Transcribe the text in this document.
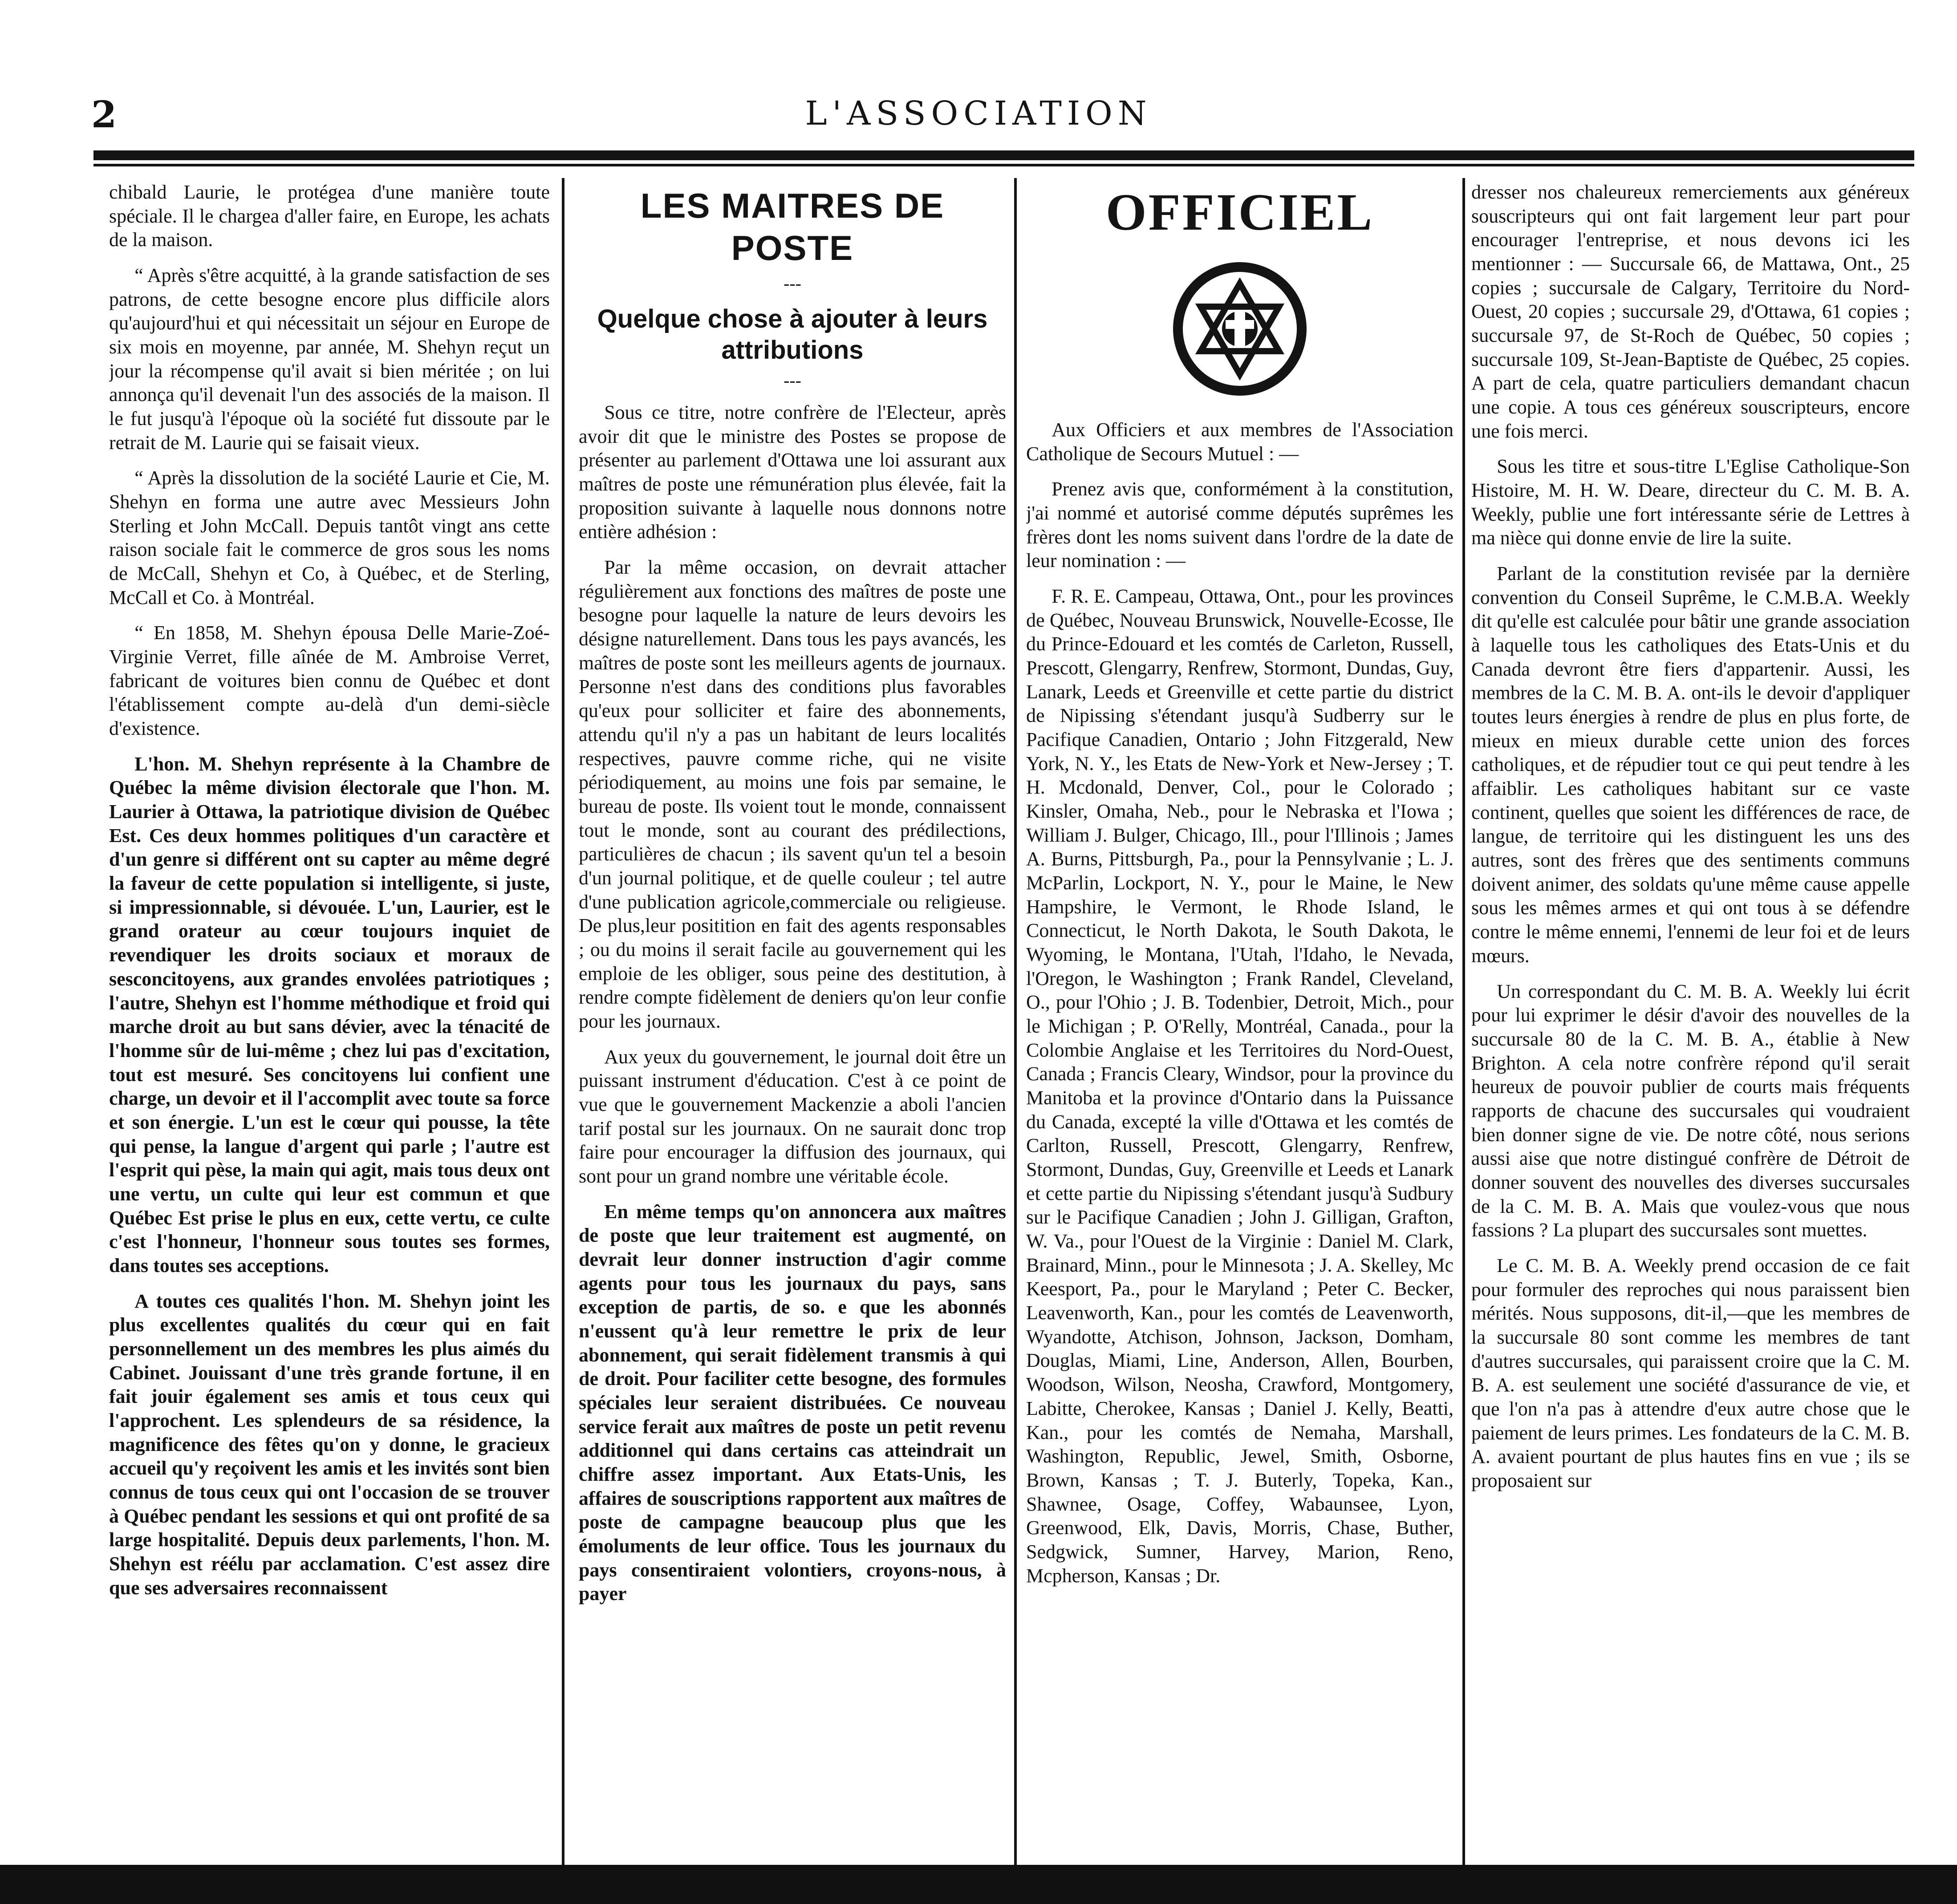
2	L'ASSOCIATION

chibald Laurie, le protégea d'une manière toute spéciale. Il le chargea d'aller faire, en Europe, les achats de la maison.

“ Après s'être acquitté, à la grande satisfaction de ses patrons, de cette besogne encore plus difficile alors qu'aujourd'hui et qui nécessitait un séjour en Europe de six mois en moyenne, par année, M. Shehyn reçut un jour la récompense qu'il avait si bien méritée ; on lui annonça qu'il devenait l'un des associés de la maison. Il le fut jusqu'à l'époque où la société fut dissoute par le retrait de M. Laurie qui se faisait vieux.

“ Après la dissolution de la société Laurie et Cie, M. Shehyn en forma une autre avec Messieurs John Sterling et John McCall. Depuis tantôt vingt ans cette raison sociale fait le commerce de gros sous les noms de McCall, Shehyn et Co, à Québec, et de Sterling, McCall et Co. à Montréal.

“ En 1858, M. Shehyn épousa Delle Marie-Zoé-Virginie Verret, fille aînée de M. Ambroise Verret, fabricant de voitures bien connu de Québec et dont l'établissement compte au-delà d'un demi-siècle d'existence.

L'hon. M. Shehyn représente à la Chambre de Québec la même division électorale que l'hon. M. Laurier à Ottawa, la patriotique division de Québec Est. Ces deux hommes politiques d'un caractère et d'un genre si différent ont su capter au même degré la faveur de cette population si intelligente, si juste, si impressionnable, si dévouée. L'un, Laurier, est le grand orateur au cœur toujours inquiet de revendiquer les droits sociaux et moraux de sesconcitoyens, aux grandes envolées patriotiques ; l'autre, Shehyn est l'homme méthodique et froid qui marche droit au but sans dévier, avec la ténacité de l'homme sûr de lui-même ; chez lui pas d'excitation, tout est mesuré. Ses concitoyens lui confient une charge, un devoir et il l'accomplit avec toute sa force et son énergie. L'un est le cœur qui pousse, la tête qui pense, la langue d'argent qui parle ; l'autre est l'esprit qui pèse, la main qui agit, mais tous deux ont une vertu, un culte qui leur est commun et que Québec Est prise le plus en eux, cette vertu, ce culte c'est l'honneur, l'honneur sous toutes ses formes, dans toutes ses acceptions.

A toutes ces qualités l'hon. M. Shehyn joint les plus excellentes qualités du cœur qui en fait personnellement un des membres les plus aimés du Cabinet. Jouissant d'une très grande fortune, il en fait jouir également ses amis et tous ceux qui l'approchent. Les splendeurs de sa résidence, la magnificence des fêtes qu'on y donne, le gracieux accueil qu'y reçoivent les amis et les invités sont bien connus de tous ceux qui ont l'occasion de se trouver à Québec pendant les sessions et qui ont profité de sa large hospitalité. Depuis deux parlements, l'hon. M. Shehyn est réélu par acclamation. C'est assez dire que ses adversaires reconnaissent

LES MAITRES DE POSTE
---
Quelque chose à ajouter à leurs attributions
---

Sous ce titre, notre confrère de l'Electeur, après avoir dit que le ministre des Postes se propose de présenter au parlement d'Ottawa une loi assurant aux maîtres de poste une rémunération plus élevée, fait la proposition suivante à laquelle nous donnons notre entière adhésion :

Par la même occasion, on devrait attacher régulièrement aux fonctions des maîtres de poste une besogne pour laquelle la nature de leurs devoirs les désigne naturellement. Dans tous les pays avancés, les maîtres de poste sont les meilleurs agents de journaux. Personne n'est dans des conditions plus favorables qu'eux pour solliciter et faire des abonnements, attendu qu'il n'y a pas un habitant de leurs localités respectives, pauvre comme riche, qui ne visite périodiquement, au moins une fois par semaine, le bureau de poste. Ils voient tout le monde, connaissent tout le monde, sont au courant des prédilections, particulières de chacun ; ils savent qu'un tel a besoin d'un journal politique, et de quelle couleur ; tel autre d'une publication agricole,commerciale ou religieuse. De plus,leur positition en fait des agents responsables ; ou du moins il serait facile au gouvernement qui les emploie de les obliger, sous peine des destitution, à rendre compte fidèlement de deniers qu'on leur confie pour les journaux.

Aux yeux du gouvernement, le journal doit être un puissant instrument d'éducation. C'est à ce point de vue que le gouvernement Mackenzie a aboli l'ancien tarif postal sur les journaux. On ne saurait donc trop faire pour encourager la diffusion des journaux, qui sont pour un grand nombre une véritable école.

En même temps qu'on annoncera aux maîtres de poste que leur traitement est augmenté, on devrait leur donner instruction d'agir comme agents pour tous les journaux du pays, sans exception de partis, de so. e que les abonnés n'eussent qu'à leur remettre le prix de leur abonnement, qui serait fidèlement transmis à qui de droit. Pour faciliter cette besogne, des formules spéciales leur seraient distribuées. Ce nouveau service ferait aux maîtres de poste un petit revenu additionnel qui dans certains cas atteindrait un chiffre assez important. Aux Etats-Unis, les affaires de souscriptions rapportent aux maîtres de poste de campagne beaucoup plus que les émoluments de leur office. Tous les journaux du pays consentiraient volontiers, croyons-nous, à payer

OFFICIEL

Aux Officiers et aux membres de l'Association Catholique de Secours Mutuel : —

Prenez avis que, conformément à la constitution, j'ai nommé et autorisé comme députés suprêmes les frères dont les noms suivent dans l'ordre de la date de leur nomination : —

F. R. E. Campeau, Ottawa, Ont., pour les provinces de Québec, Nouveau Brunswick, Nouvelle-Ecosse, Ile du Prince-Edouard et les comtés de Carleton, Russell, Prescott, Glengarry, Renfrew, Stormont, Dundas, Guy, Lanark, Leeds et Greenville et cette partie du district de Nipissing s'étendant jusqu'à Sudberry sur le Pacifique Canadien, Ontario ; John Fitzgerald, New York, N. Y., les Etats de New-York et New-Jersey ; T. H. Mcdonald, Denver, Col., pour le Colorado ; Kinsler, Omaha, Neb., pour le Nebraska et l'Iowa ; William J. Bulger, Chicago, Ill., pour l'Illinois ; James A. Burns, Pittsburgh, Pa., pour la Pennsylvanie ; L. J. McParlin, Lockport, N. Y., pour le Maine, le New Hampshire, le Vermont, le Rhode Island, le Connecticut, le North Dakota, le South Dakota, le Wyoming, le Montana, l'Utah, l'Idaho, le Nevada, l'Oregon, le Washington ; Frank Randel, Cleveland, O., pour l'Ohio ; J. B. Todenbier, Detroit, Mich., pour le Michigan ; P. O'Relly, Montréal, Canada., pour la Colombie Anglaise et les Territoires du Nord-Ouest, Canada ; Francis Cleary, Windsor, pour la province du Manitoba et la province d'Ontario dans la Puissance du Canada, excepté la ville d'Ottawa et les comtés de Carlton, Russell, Prescott, Glengarry, Renfrew, Stormont, Dundas, Guy, Greenville et Leeds et Lanark et cette partie du Nipissing s'étendant jusqu'à Sudbury sur le Pacifique Canadien ; John J. Gilligan, Grafton, W. Va., pour l'Ouest de la Virginie : Daniel M. Clark, Brainard, Minn., pour le Minnesota ; J. A. Skelley, Mc Keesport, Pa., pour le Maryland ; Peter C. Becker, Leavenworth, Kan., pour les comtés de Leavenworth, Wyandotte, Atchison, Johnson, Jackson, Domham, Douglas, Miami, Line, Anderson, Allen, Bourben, Woodson, Wilson, Neosha, Crawford, Montgomery, Labitte, Cherokee, Kansas ; Daniel J. Kelly, Beatti, Kan., pour les comtés de Nemaha, Marshall, Washington, Republic, Jewel, Smith, Osborne, Brown, Kansas ; T. J. Buterly, Topeka, Kan., Shawnee, Osage, Coffey, Wabaunsee, Lyon, Greenwood, Elk, Davis, Morris, Chase, Buther, Sedgwick, Sumner, Harvey, Marion, Reno, Mcpherson, Kansas ; Dr.

dresser nos chaleureux remerciements aux généreux souscripteurs qui ont fait largement leur part pour encourager l'entreprise, et nous devons ici les mentionner : — Succursale 66, de Mattawa, Ont., 25 copies ; succursale de Calgary, Territoire du Nord-Ouest, 20 copies ; succursale 29, d'Ottawa, 61 copies ; succursale 97, de St-Roch de Québec, 50 copies ; succursale 109, St-Jean-Baptiste de Québec, 25 copies. A part de cela, quatre particuliers demandant chacun une copie. A tous ces généreux souscripteurs, encore une fois merci.

Sous les titre et sous-titre L'Eglise Catholique-Son Histoire, M. H. W. Deare, directeur du C. M. B. A. Weekly, publie une fort intéressante série de Lettres à ma nièce qui donne envie de lire la suite.

Parlant de la constitution revisée par la dernière convention du Conseil Suprême, le C.M.B.A. Weekly dit qu'elle est calculée pour bâtir une grande association à laquelle tous les catholiques des Etats-Unis et du Canada devront être fiers d'appartenir. Aussi, les membres de la C. M. B. A. ont-ils le devoir d'appliquer toutes leurs énergies à rendre de plus en plus forte, de mieux en mieux durable cette union des forces catholiques, et de répudier tout ce qui peut tendre à les affaiblir. Les catholiques habitant sur ce vaste continent, quelles que soient les différences de race, de langue, de territoire qui les distinguent les uns des autres, sont des frères que des sentiments communs doivent animer, des soldats qu'une même cause appelle sous les mêmes armes et qui ont tous à se défendre contre le même ennemi, l'ennemi de leur foi et de leurs mœurs.

Un correspondant du C. M. B. A. Weekly lui écrit pour lui exprimer le désir d'avoir des nouvelles de la succursale 80 de la C. M. B. A., établie à New Brighton. A cela notre confrère répond qu'il serait heureux de pouvoir publier de courts mais fréquents rapports de chacune des succursales qui voudraient bien donner signe de vie. De notre côté, nous serions aussi aise que notre distingué confrère de Détroit de donner souvent des nouvelles des diverses succursales de la C. M. B. A. Mais que voulez-vous que nous fassions ? La plupart des succursales sont muettes.

Le C. M. B. A. Weekly prend occasion de ce fait pour formuler des reproches qui nous paraissent bien mérités. Nous supposons, dit-il,—que les membres de la succursale 80 sont comme les membres de tant d'autres succursales, qui paraissent croire que la C. M. B. A. est seulement une société d'assurance de vie, et que l'on n'a pas à attendre d'eux autre chose que le paiement de leurs primes. Les fondateurs de la C. M. B. A. avaient pourtant de plus hautes fins en vue ; ils se proposaient sur
